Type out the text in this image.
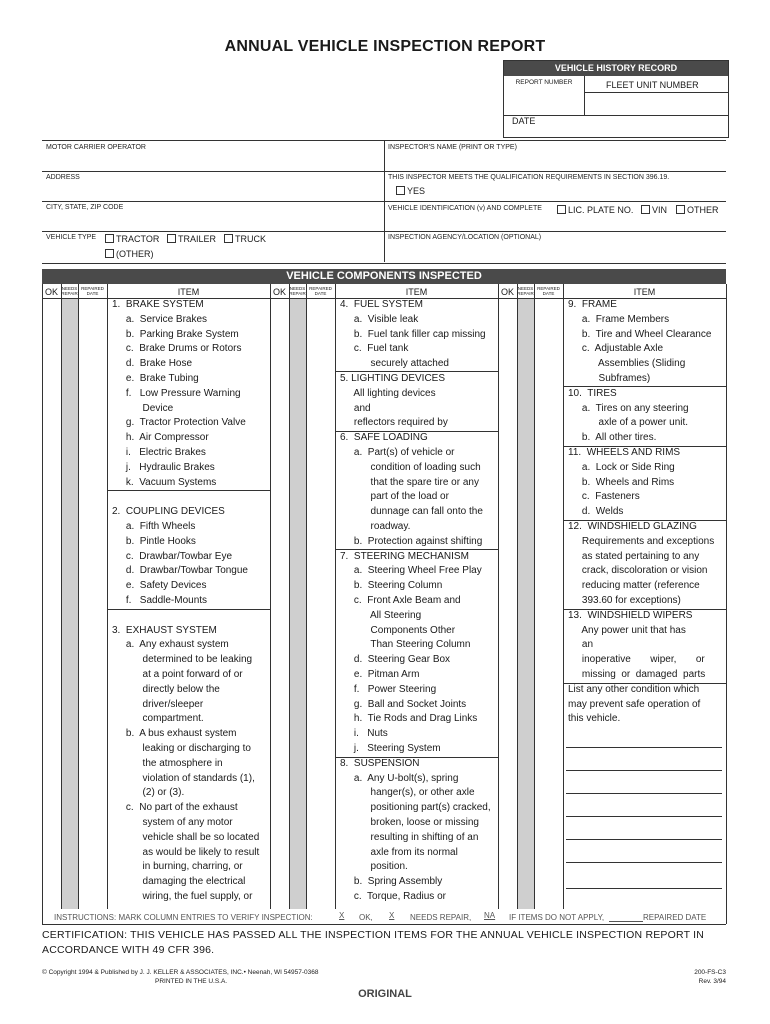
ANNUAL VEHICLE INSPECTION REPORT
VEHICLE HISTORY RECORD
REPORT NUMBER	FLEET UNIT NUMBER
DATE
MOTOR CARRIER OPERATOR	INSPECTOR'S NAME (PRINT OR TYPE)
ADDRESS	THIS INSPECTOR MEETS THE QUALIFICATION REQUIREMENTS IN SECTION 396.19.
YES
CITY, STATE, ZIP CODE	VEHICLE IDENTIFICATION (v) AND COMPLETE	LIC. PLATE NO.	VIN	OTHER
VEHICLE TYPE	TRACTOR	TRAILER	TRUCK
(OTHER)
INSPECTION AGENCY/LOCATION (OPTIONAL)
VEHICLE COMPONENTS INSPECTED
OK NEEDS REPAIR
REPAIRED DATE	ITEM	OK NEEDS REPAIR
REPAIRED DATE	ITEM	OK NEEDS REPAIR
REPAIRED DATE	ITEM
1.  BRAKE SYSTEM
a.  Service Brakes
b.  Parking Brake System
c.  Brake Drums or Rotors
d.  Brake Hose
e.  Brake Tubing
f.   Low Pressure Warning
Device
g.  Tractor Protection Valve
h.  Air Compressor
i.   Electric Brakes
j.   Hydraulic Brakes
k.  Vacuum Systems
2.  COUPLING DEVICES
a.  Fifth Wheels
b.  Pintle Hooks
c.  Drawbar/Towbar Eye
d.  Drawbar/Towbar Tongue
e.  Safety Devices
f.   Saddle-Mounts
3.  EXHAUST SYSTEM
a.  Any exhaust system
determined to be leaking
at a point forward of or
directly below the
driver/sleeper
compartment.
b.  A bus exhaust system
leaking or discharging to
the atmosphere in
violation of standards (1),
(2) or (3).
c.  No part of the exhaust
system of any motor
vehicle shall be so located
as would be likely to result
in burning, charring, or
damaging the electrical
wiring, the fuel supply, or
4.  FUEL SYSTEM
a.  Visible leak
b.  Fuel tank filler cap missing
c.  Fuel tank
securely attached
5. LIGHTING DEVICES
All lighting devices
and
reflectors required by
6.  SAFE LOADING
a.  Part(s) of vehicle or
condition of loading such
that the spare tire or any
part of the load or
dunnage can fall onto the
roadway.
b.  Protection against shifting
7.  STEERING MECHANISM
a.  Steering Wheel Free Play
b.  Steering Column
c.  Front Axle Beam and
All Steering
Components Other
Than Steering Column
d.  Steering Gear Box
e.  Pitman Arm
f.   Power Steering
g.  Ball and Socket Joints
h.  Tie Rods and Drag Links
i.   Nuts
j.   Steering System
8.  SUSPENSION
a.  Any U-bolt(s), spring
hanger(s), or other axle
positioning part(s) cracked,
broken, loose or missing
resulting in shifting of an
axle from its normal
position.
b.  Spring Assembly
c.  Torque, Radius or
9.  FRAME
a.  Frame Members
b.  Tire and Wheel Clearance
c.  Adjustable Axle
Assemblies (Sliding
Subframes)
10.  TIRES
a.  Tires on any steering
axle of a power unit.
b.  All other tires.
11.  WHEELS AND RIMS
a.  Lock or Side Ring
b.  Wheels and Rims
c.  Fasteners
d.  Welds
12.  WINDSHIELD GLAZING
Requirements and exceptions
as stated pertaining to any
crack, discoloration or vision
reducing matter (reference
393.60 for exceptions)
13.  WINDSHIELD WIPERS
Any power unit that has
an
inoperative       wiper,       or
missing  or  damaged  parts
List any other condition which
may prevent safe operation of
this vehicle.
INSTRUCTIONS: MARK COLUMN ENTRIES TO VERIFY INSPECTION:	X OK, X NEEDS REPAIR, NA IF ITEMS DO NOT APPLY,	REPAIRED DATE
CERTIFICATION: THIS VEHICLE HAS PASSED ALL THE INSPECTION ITEMS FOR THE ANNUAL VEHICLE INSPECTION REPORT IN ACCORDANCE WITH 49 CFR 396.
© Copyright 1994 & Published by J. J. KELLER & ASSOCIATES, INC.• Neenah, WI 54957-0368
PRINTED IN THE U.S.A.
200-FS-C3
Rev. 3/94
ORIGINAL
